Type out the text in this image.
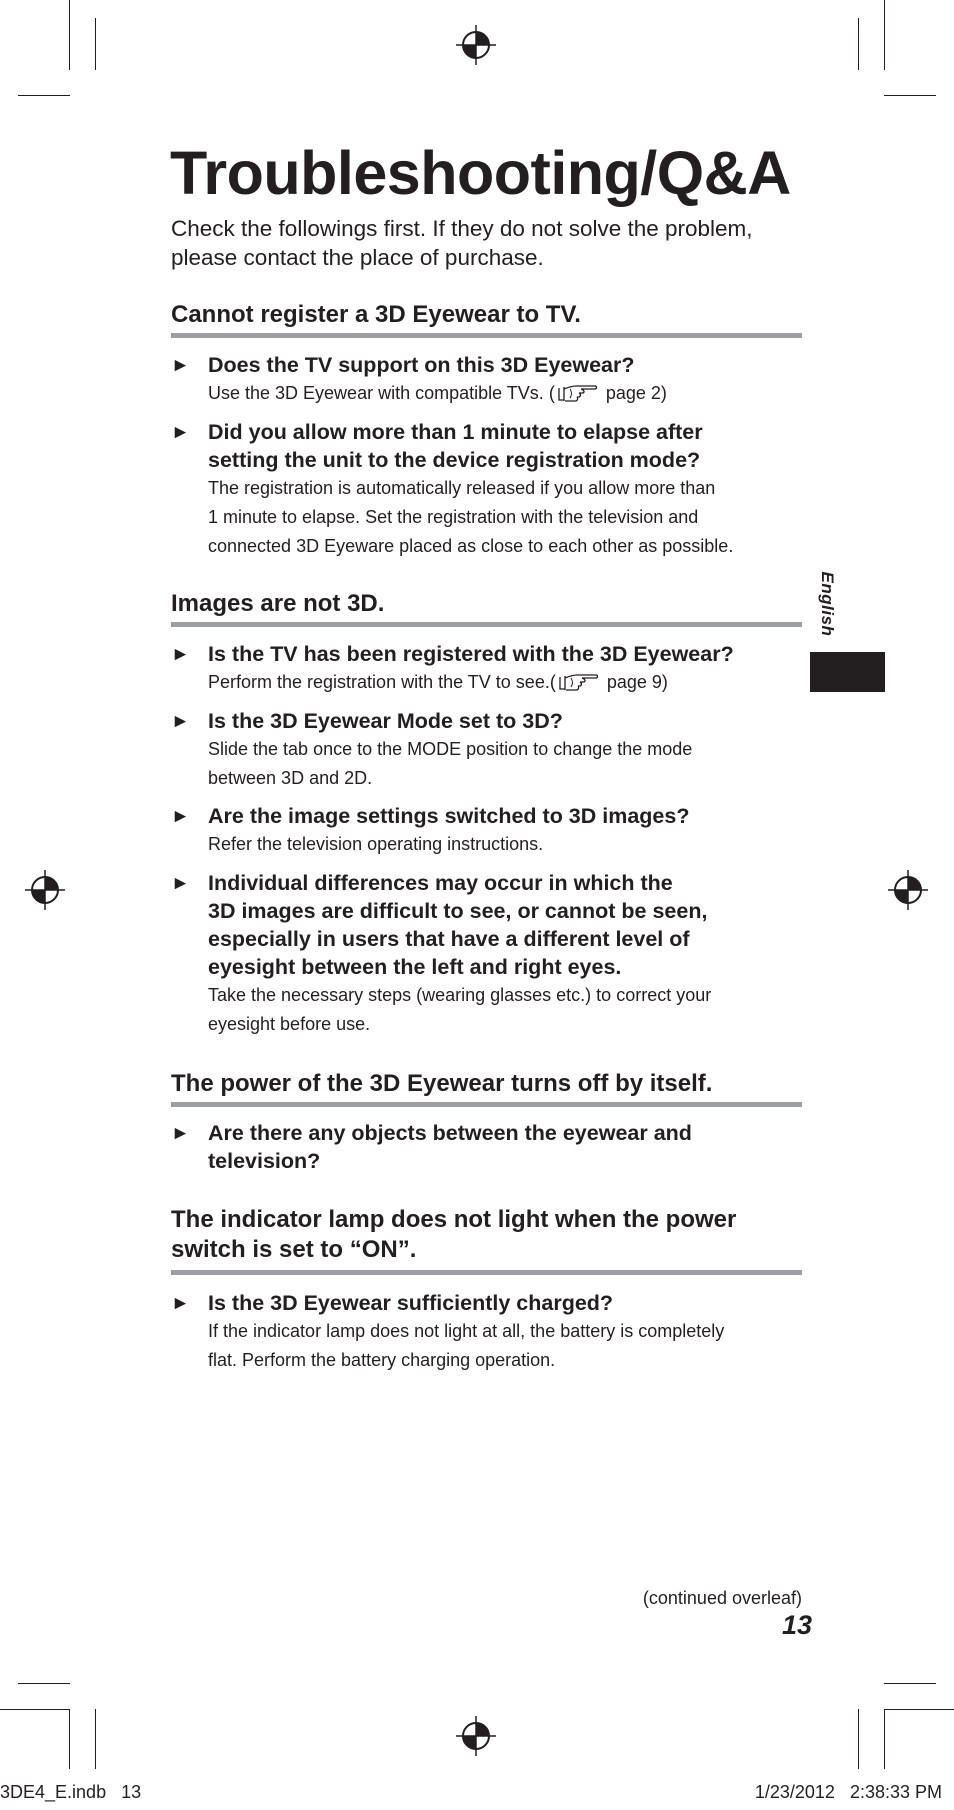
Troubleshooting/Q&A
Check the followings first. If they do not solve the problem, please contact the place of purchase.
English
Cannot register a 3D Eyewear to TV.
► Does the TV support on this 3D Eyewear?
Use the 3D Eyewear with compatible TVs. (	page 2)
► Did you allow more than 1 minute to elapse after setting the unit to the device registration mode?
The registration is automatically released if you allow more than
1 minute to elapse. Set the registration with the television and
connected 3D Eyeware placed as close to each other as possible.
Images are not 3D.
► Is the TV has been registered with the 3D Eyewear?
Perform the registration with the TV to see.(	page 9)
► Is the 3D Eyewear Mode set to 3D?
Slide the tab once to the MODE position to change the mode
between 3D and 2D.
► Are the image settings switched to 3D images?
Refer the television operating instructions.
► Individual differences may occur in which the
3D images are difficult to see, or cannot be seen,
especially in users that have a different level of
eyesight between the left and right eyes.
Take the necessary steps (wearing glasses etc.) to correct your
eyesight before use.
The power of the 3D Eyewear turns off by itself.
► Are there any objects between the eyewear and television?
The indicator lamp does not light when the power
switch is set to “ON”.
► Is the 3D Eyewear sufficiently charged?
If the indicator lamp does not light at all, the battery is completely
flat. Perform the battery charging operation.
(continued overleaf)
13
3DE4_E.indb   13	1/23/2012   2:38:33 PM
